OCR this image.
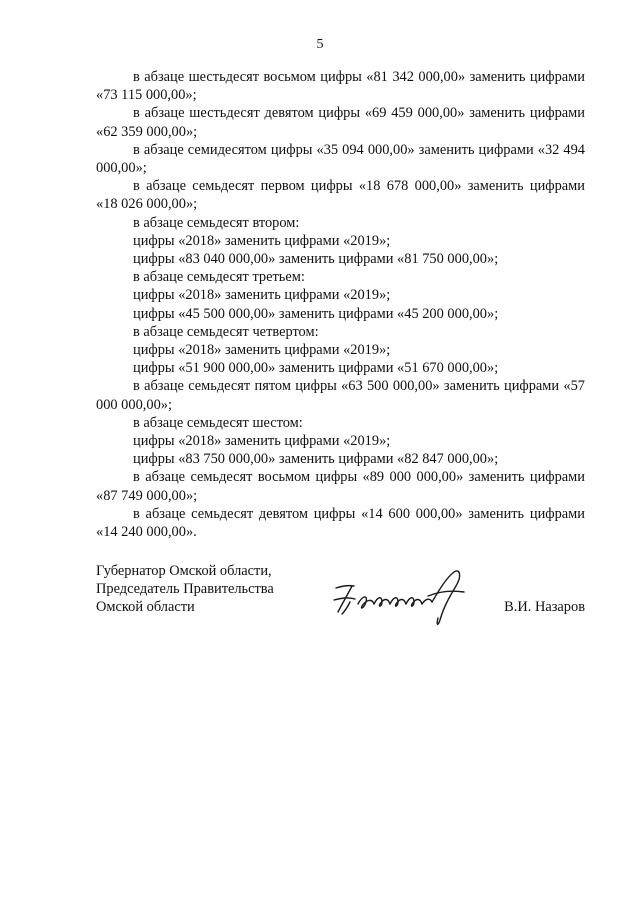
5

в абзаце шестьдесят восьмом цифры «81 342 000,00» заменить цифрами «73 115 000,00»;

в абзаце шестьдесят девятом цифры «69 459 000,00» заменить цифрами «62 359 000,00»;

в абзаце семидесятом цифры «35 094 000,00» заменить цифрами «32 494 000,00»;

в абзаце семьдесят первом цифры «18 678 000,00» заменить цифрами «18 026 000,00»;

в абзаце семьдесят втором:

цифры «2018» заменить цифрами «2019»;

цифры «83 040 000,00» заменить цифрами «81 750 000,00»;

в абзаце семьдесят третьем:

цифры «2018» заменить цифрами «2019»;

цифры «45 500 000,00» заменить цифрами «45 200 000,00»;

в абзаце семьдесят четвертом:

цифры «2018» заменить цифрами «2019»;

цифры «51 900 000,00» заменить цифрами «51 670 000,00»;

в абзаце семьдесят пятом цифры «63 500 000,00» заменить цифрами «57 000 000,00»;

в абзаце семьдесят шестом:

цифры «2018» заменить цифрами «2019»;

цифры «83 750 000,00» заменить цифрами «82 847 000,00»;

в абзаце семьдесят восьмом цифры «89 000 000,00» заменить цифрами «87 749 000,00»;

в абзаце семьдесят девятом цифры «14 600 000,00» заменить цифрами «14 240 000,00».

Губернатор Омской области,
Председатель Правительства
Омской области	В.И. Назаров
